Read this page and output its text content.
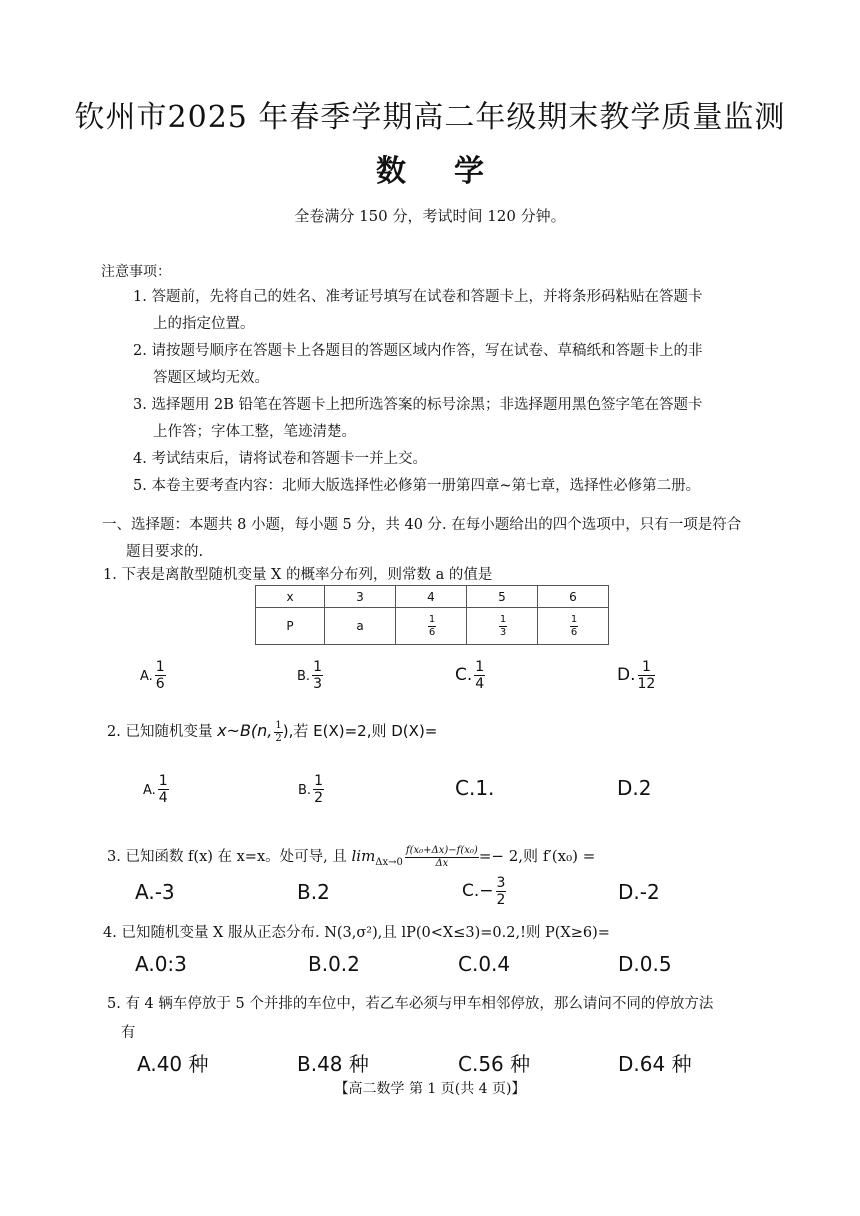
钦州市2025 年春季学期高二年级期末教学质量监测
数学
全卷满分 150 分，考试时间 120 分钟。
注意事项：
1. 答题前，先将自己的姓名、准考证号填写在试卷和答题卡上，并将条形码粘贴在答题卡
上的指定位置。
2. 请按题号顺序在答题卡上各题目的答题区域内作答，写在试卷、草稿纸和答题卡上的非
答题区域均无效。
3. 选择题用 2B 铅笔在答题卡上把所选答案的标号涂黑；非选择题用黑色签字笔在答题卡
上作答；字体工整，笔迹清楚。
4. 考试结束后，请将试卷和答题卡一并上交。
5. 本卷主要考查内容：北师大版选择性必修第一册第四章~第七章，选择性必修第二册。
一、选择题：本题共 8 小题，每小题 5 分，共 40 分. 在每小题给出的四个选项中，只有一项是符合
题目要求的.
1. 下表是离散型随机变量 X 的概率分布列，则常数 a 的值是
x	3	4	5	6
P	a	$\frac{1}{6}$	$\frac{1}{3}$	$\frac{1}{6}$
A. $\frac{1}{6}$	B. $\frac{1}{3}$	C. $\frac{1}{4}$	D. $\frac{1}{12}$
2. 已知随机变量 x~B(n, $\frac{1}{2}$ ),若 E(X)=2,则 D(X)=
A. $\frac{1}{4}$	B. $\frac{1}{2}$	C.1.	D.2
3. 已知函数 f(x) 在 x=x。处可导, 且 $\lim_{\Delta x\to 0} \frac{\text{f(x₀+Δx)−f(x₀)}}{\Delta x} =- 2$,则 f′(x₀) =
A.-3	B.2	$C.- \frac{3}{2}$	D.-2
4. 已知随机变量 X 服从正态分布. N(3,σ²),且 lP(0<X≤3)=0.2,!则 P(X≥6)=
A.0:3	B.0.2	C.0.4	D.0.5
5. 有 4 辆车停放于 5 个并排的车位中，若乙车必须与甲车相邻停放，那么请问不同的停放方法
有
A.40 种	B.48 种	C.56 种	D.64 种
【高二数学 第 1 页(共 4 页)】
